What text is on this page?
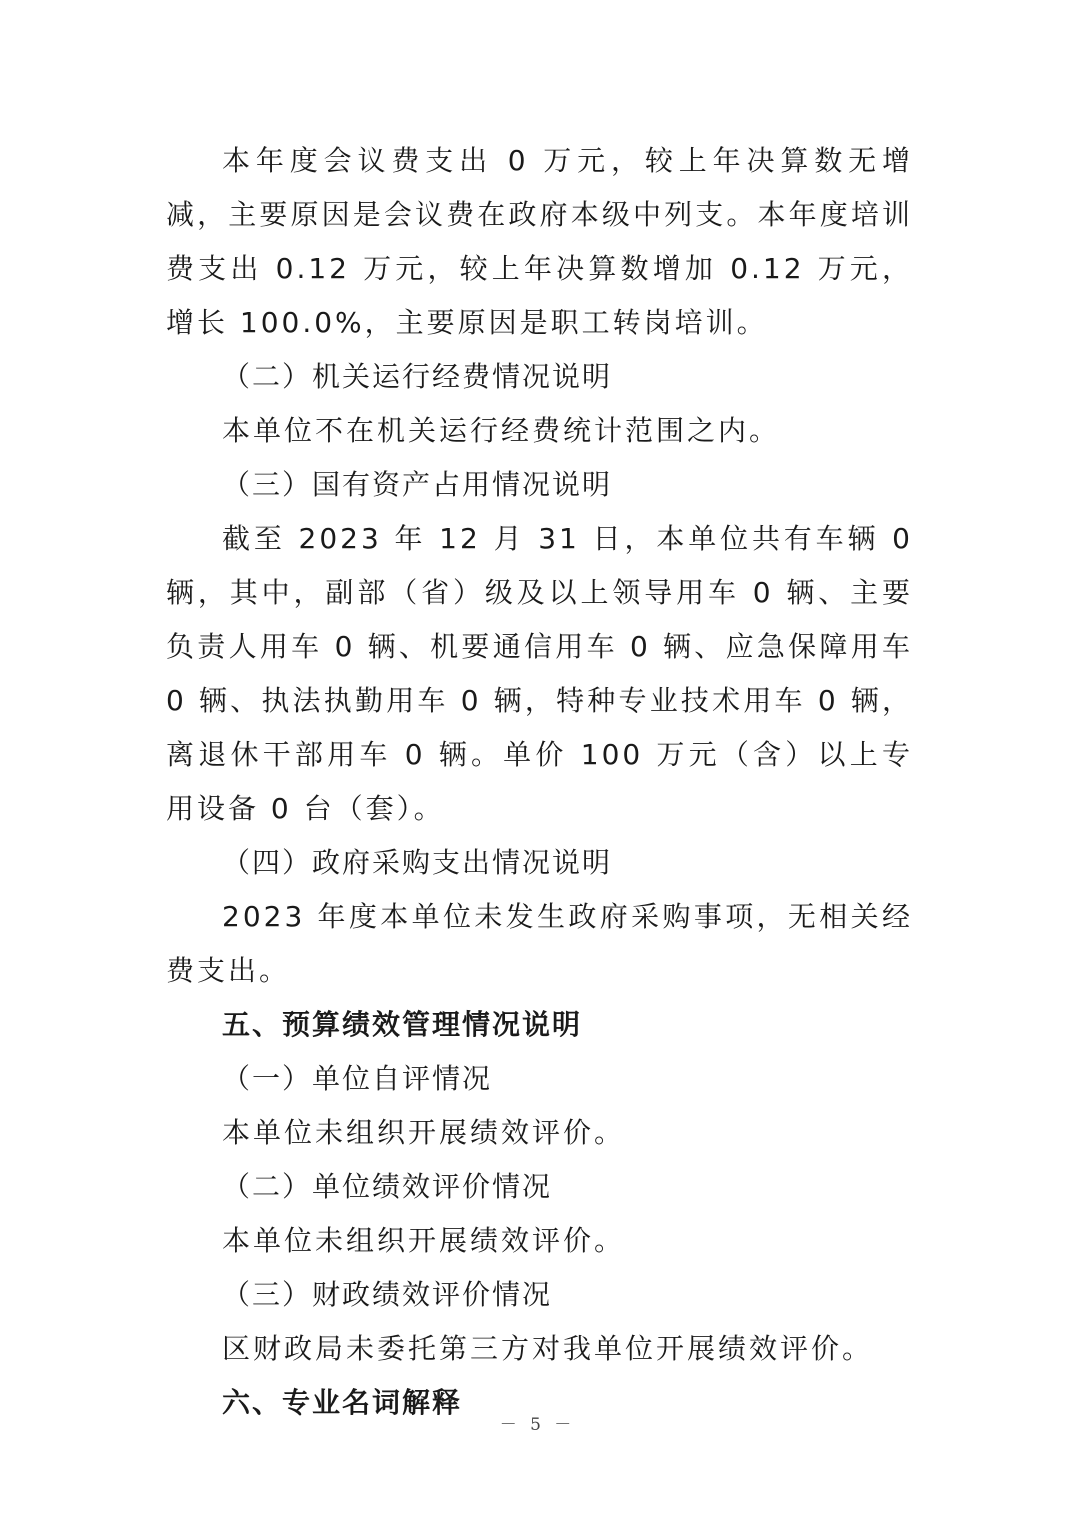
本年度会议费支出 0 万元，较上年决算数无增减，主要原因是会议费在政府本级中列支。本年度培训费支出 0.12 万元，较上年决算数增加 0.12 万元，增长 100.0%，主要原因是职工转岗培训。

（二）机关运行经费情况说明

本单位不在机关运行经费统计范围之内。

（三）国有资产占用情况说明

截至 2023 年 12 月 31 日，本单位共有车辆 0 辆，其中，副部（省）级及以上领导用车 0 辆、主要负责人用车 0 辆、机要通信用车 0 辆、应急保障用车 0 辆、执法执勤用车 0 辆，特种专业技术用车 0 辆，离退休干部用车 0 辆。单价 100 万元（含）以上专用设备 0 台（套）。

（四）政府采购支出情况说明

2023 年度本单位未发生政府采购事项，无相关经费支出。

五、预算绩效管理情况说明

（一）单位自评情况

本单位未组织开展绩效评价。

（二）单位绩效评价情况

本单位未组织开展绩效评价。

（三）财政绩效评价情况

区财政局未委托第三方对我单位开展绩效评价。

六、专业名词解释

－ 5 －
